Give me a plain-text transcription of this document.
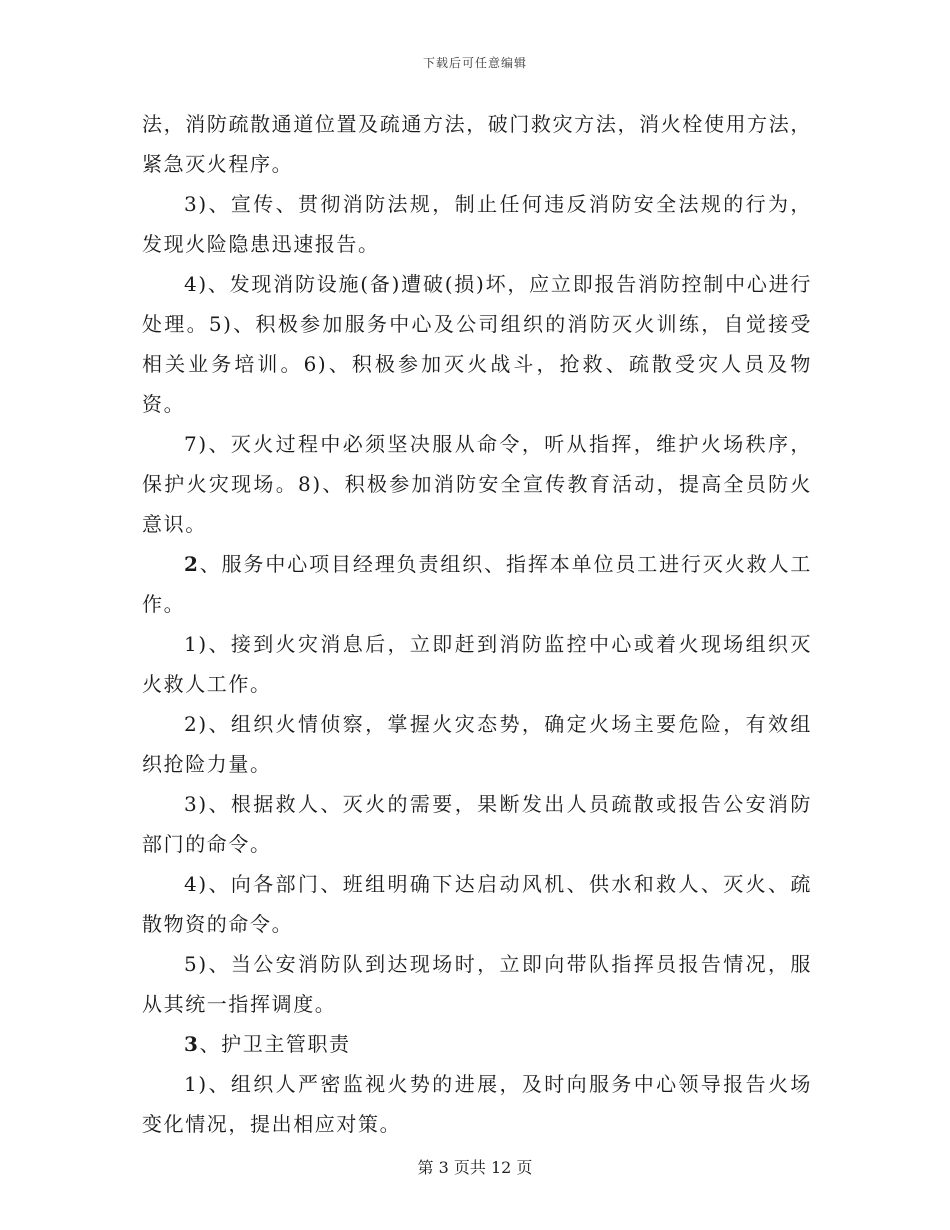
下载后可任意编辑

法，消防疏散通道位置及疏通方法，破门救灾方法，消火栓使用方法，紧急灭火程序。

3)、宣传、贯彻消防法规，制止任何违反消防安全法规的行为，发现火险隐患迅速报告。

4)、发现消防设施(备)遭破(损)坏，应立即报告消防控制中心进行处理。5)、积极参加服务中心及公司组织的消防灭火训练，自觉接受相关业务培训。6)、积极参加灭火战斗，抢救、疏散受灾人员及物资。

7)、灭火过程中必须坚决服从命令，听从指挥，维护火场秩序，保护火灾现场。8)、积极参加消防安全宣传教育活动，提高全员防火意识。

2、服务中心项目经理负责组织、指挥本单位员工进行灭火救人工作。

1)、接到火灾消息后，立即赶到消防监控中心或着火现场组织灭火救人工作。

2)、组织火情侦察，掌握火灾态势，确定火场主要危险，有效组织抢险力量。

3)、根据救人、灭火的需要，果断发出人员疏散或报告公安消防部门的命令。

4)、向各部门、班组明确下达启动风机、供水和救人、灭火、疏散物资的命令。

5)、当公安消防队到达现场时，立即向带队指挥员报告情况，服从其统一指挥调度。

3、护卫主管职责

1)、组织人严密监视火势的进展，及时向服务中心领导报告火场变化情况，提出相应对策。

第 3 页共 12 页
